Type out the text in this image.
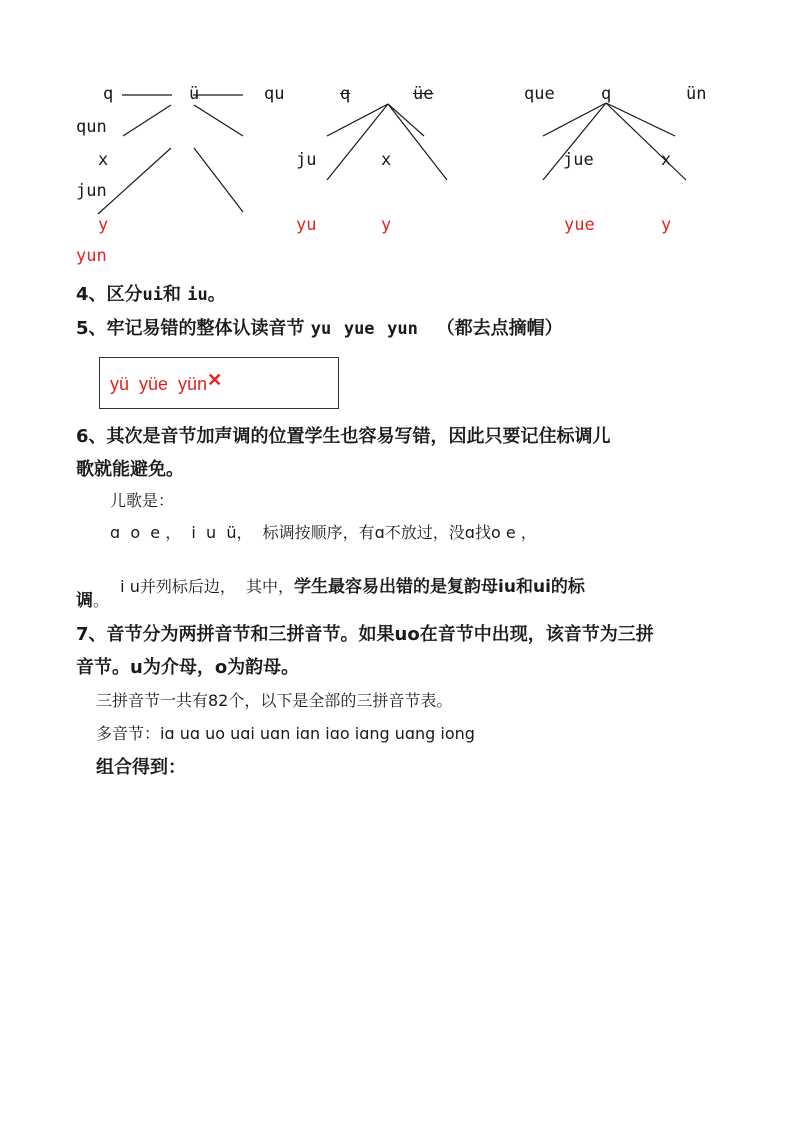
q	ü
qun
x
jun
y
yun
qu	q	üe
ju	x
yu	y
que	q	ün
jue	x
yue	y
4、区分ui和 iu。
5、牢记易错的整体认读音节 yu yue yun （都去点摘帽）
yü  yüe  yün✕
6、其次是音节加声调的位置学生也容易写错，因此只要记住标调儿
歌就能避免。
儿歌是：
ɑ  o  e ，  i  u  ü，  标调按顺序，有ɑ不放过，没ɑ找o e ，

i u并列标后边，  其中，学生最容易出错的是复韵母iu和ui的标

调。
7、音节分为两拼音节和三拼音节。如果uo在音节中出现，该音节为三拼
音节。u为介母，o为韵母。
三拼音节一共有82个，以下是全部的三拼音节表。
多音节：iɑ uɑ uo uɑi uɑn iɑn iɑo iɑng uɑng iong
组合得到：
